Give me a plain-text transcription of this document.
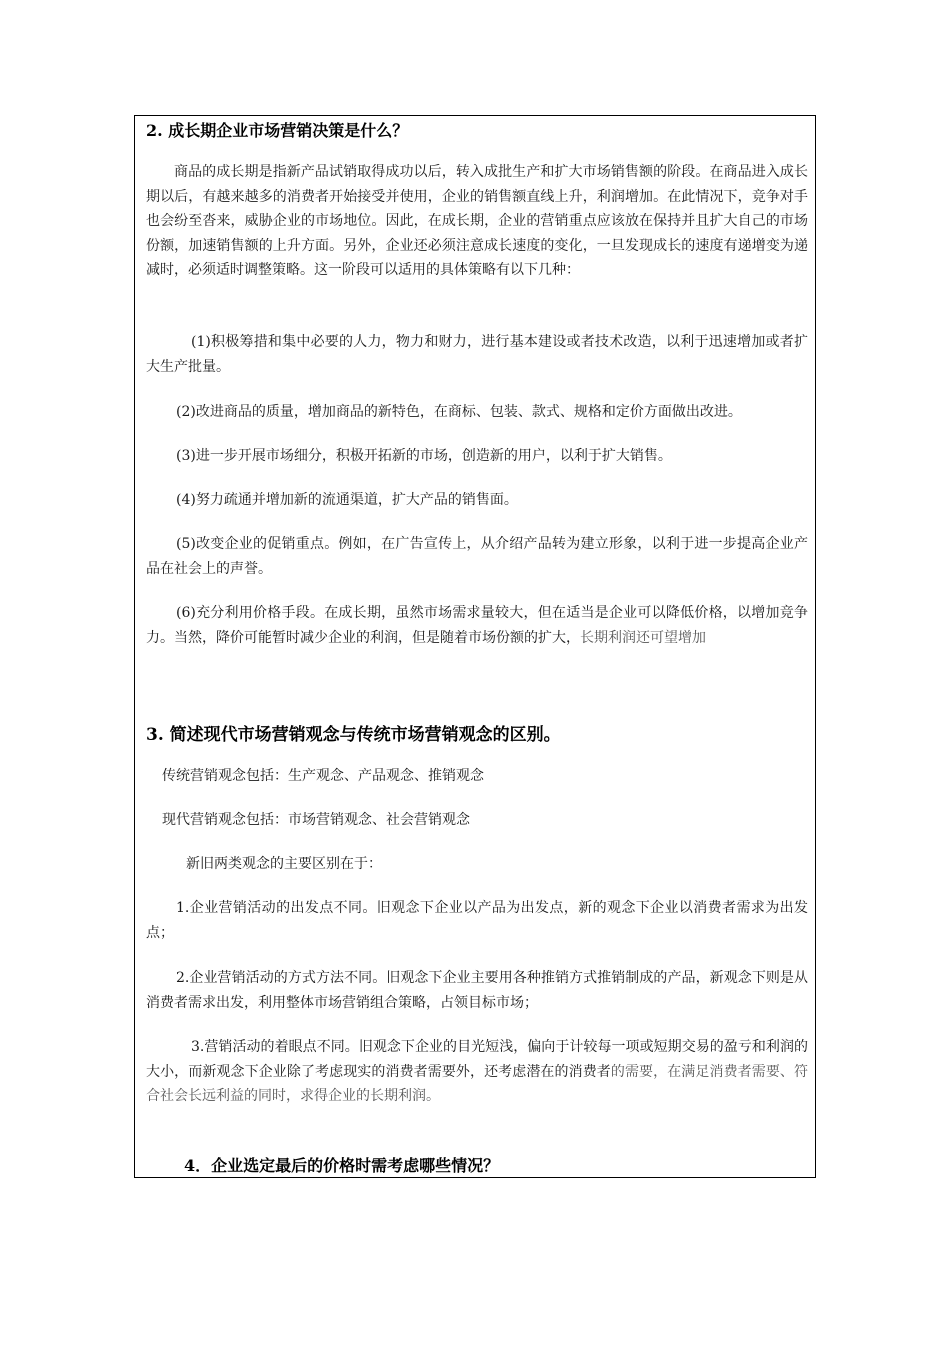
2. 成长期企业市场营销决策是什么？

商品的成长期是指新产品试销取得成功以后，转入成批生产和扩大市场销售额的阶段。在商品进入成长期以后，有越来越多的消费者开始接受并使用，企业的销售额直线上升，利润增加。在此情况下，竞争对手也会纷至沓来，威胁企业的市场地位。因此，在成长期，企业的营销重点应该放在保持并且扩大自己的市场份额，加速销售额的上升方面。另外，企业还必须注意成长速度的变化，一旦发现成长的速度有递增变为递减时，必须适时调整策略。这一阶段可以适用的具体策略有以下几种：

(1)积极筹措和集中必要的人力，物力和财力，进行基本建设或者技术改造，以利于迅速增加或者扩大生产批量。

(2)改进商品的质量，增加商品的新特色，在商标、包装、款式、规格和定价方面做出改进。

(3)进一步开展市场细分，积极开拓新的市场，创造新的用户，以利于扩大销售。

(4)努力疏通并增加新的流通渠道，扩大产品的销售面。

(5)改变企业的促销重点。例如，在广告宣传上，从介绍产品转为建立形象，以利于进一步提高企业产品在社会上的声誉。

(6)充分利用价格手段。在成长期，虽然市场需求量较大，但在适当是企业可以降低价格，以增加竞争力。当然，降价可能暂时减少企业的利润，但是随着市场份额的扩大，长期利润还可望增加

3. 简述现代市场营销观念与传统市场营销观念的区别。

传统营销观念包括：生产观念、产品观念、推销观念

现代营销观念包括：市场营销观念、社会营销观念

新旧两类观念的主要区别在于：

1.企业营销活动的出发点不同。旧观念下企业以产品为出发点，新的观念下企业以消费者需求为出发点；

2.企业营销活动的方式方法不同。旧观念下企业主要用各种推销方式推销制成的产品，新观念下则是从消费者需求出发，利用整体市场营销组合策略，占领目标市场；

3.营销活动的着眼点不同。旧观念下企业的目光短浅，偏向于计较每一项或短期交易的盈亏和利润的大小，而新观念下企业除了考虑现实的消费者需要外，还考虑潜在的消费者的需要，在满足消费者需要、符合社会长远利益的同时，求得企业的长期利润。

4．企业选定最后的价格时需考虑哪些情况？
